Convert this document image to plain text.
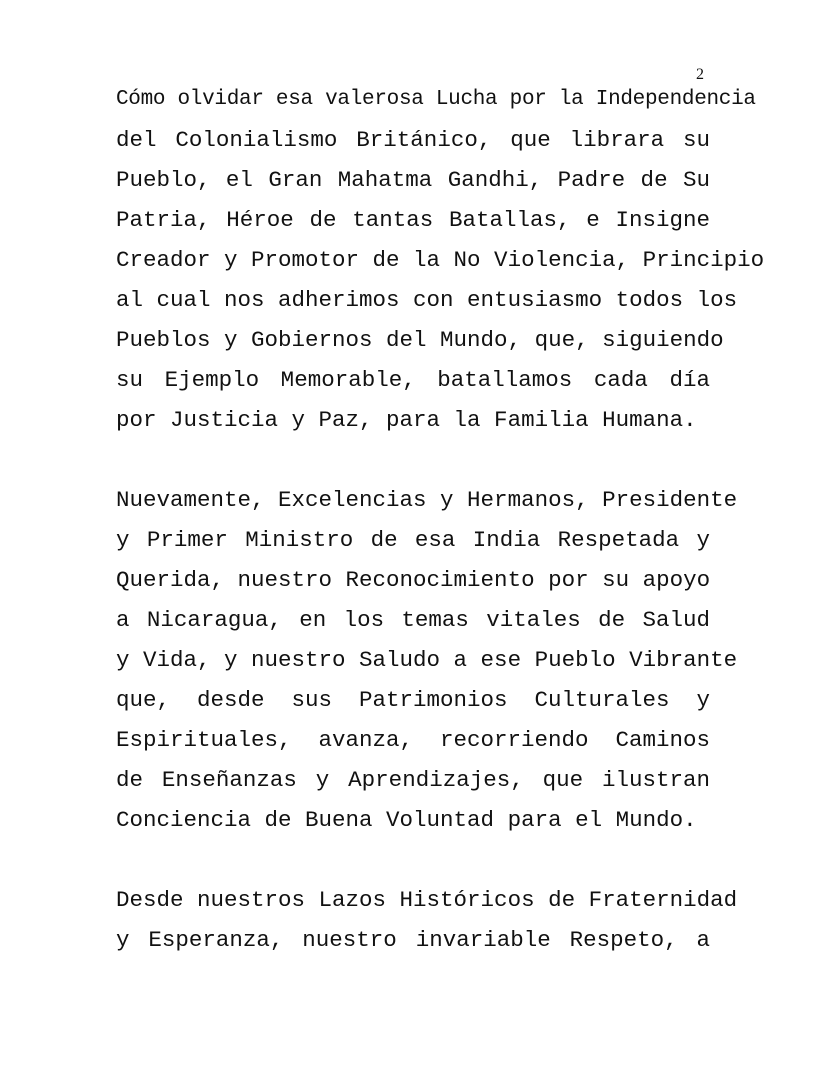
2
Cómo olvidar esa valerosa Lucha por la Independencia
del Colonialismo Británico, que librara su
Pueblo, el Gran Mahatma Gandhi, Padre de Su
Patria, Héroe de tantas Batallas, e Insigne
Creador y Promotor de la No Violencia, Principio
al cual nos adherimos con entusiasmo todos los
Pueblos y Gobiernos del Mundo, que, siguiendo
su Ejemplo Memorable, batallamos cada día
por Justicia y Paz, para la Familia Humana.
Nuevamente, Excelencias y Hermanos, Presidente
y Primer Ministro de esa India Respetada y
Querida, nuestro Reconocimiento por su apoyo
a Nicaragua, en los temas vitales de Salud
y Vida, y nuestro Saludo a ese Pueblo Vibrante
que, desde sus Patrimonios Culturales y
Espirituales, avanza, recorriendo Caminos
de Enseñanzas y Aprendizajes, que ilustran
Conciencia de Buena Voluntad para el Mundo.
Desde nuestros Lazos Históricos de Fraternidad
y Esperanza, nuestro invariable Respeto, a
